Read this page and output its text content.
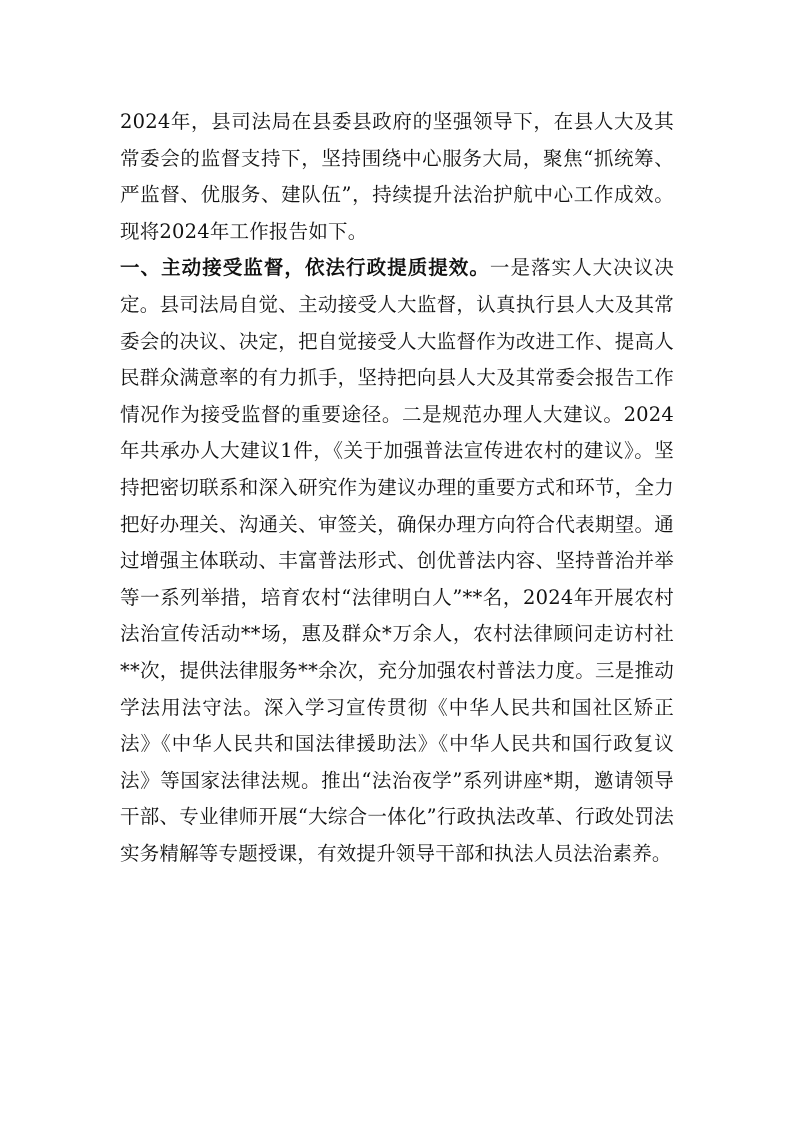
2024年，县司法局在县委县政府的坚强领导下，在县人大及其常委会的监督支持下，坚持围绕中心服务大局，聚焦“抓统筹、严监督、优服务、建队伍”，持续提升法治护航中心工作成效。现将2024年工作报告如下。

一、主动接受监督，依法行政提质提效。一是落实人大决议决定。县司法局自觉、主动接受人大监督，认真执行县人大及其常委会的决议、决定，把自觉接受人大监督作为改进工作、提高人民群众满意率的有力抓手，坚持把向县人大及其常委会报告工作情况作为接受监督的重要途径。二是规范办理人大建议。2024年共承办人大建议1件，《关于加强普法宣传进农村的建议》。坚持把密切联系和深入研究作为建议办理的重要方式和环节，全力把好办理关、沟通关、审签关，确保办理方向符合代表期望。通过增强主体联动、丰富普法形式、创优普法内容、坚持普治并举等一系列举措，培育农村“法律明白人”**名，2024年开展农村法治宣传活动**场，惠及群众*万余人，农村法律顾问走访村社**次，提供法律服务**余次，充分加强农村普法力度。三是推动学法用法守法。深入学习宣传贯彻《中华人民共和国社区矫正法》《中华人民共和国法律援助法》《中华人民共和国行政复议法》等国家法律法规。推出“法治夜学”系列讲座*期，邀请领导干部、专业律师开展“大综合一体化”行政执法改革、行政处罚法实务精解等专题授课，有效提升领导干部和执法人员法治素养。
